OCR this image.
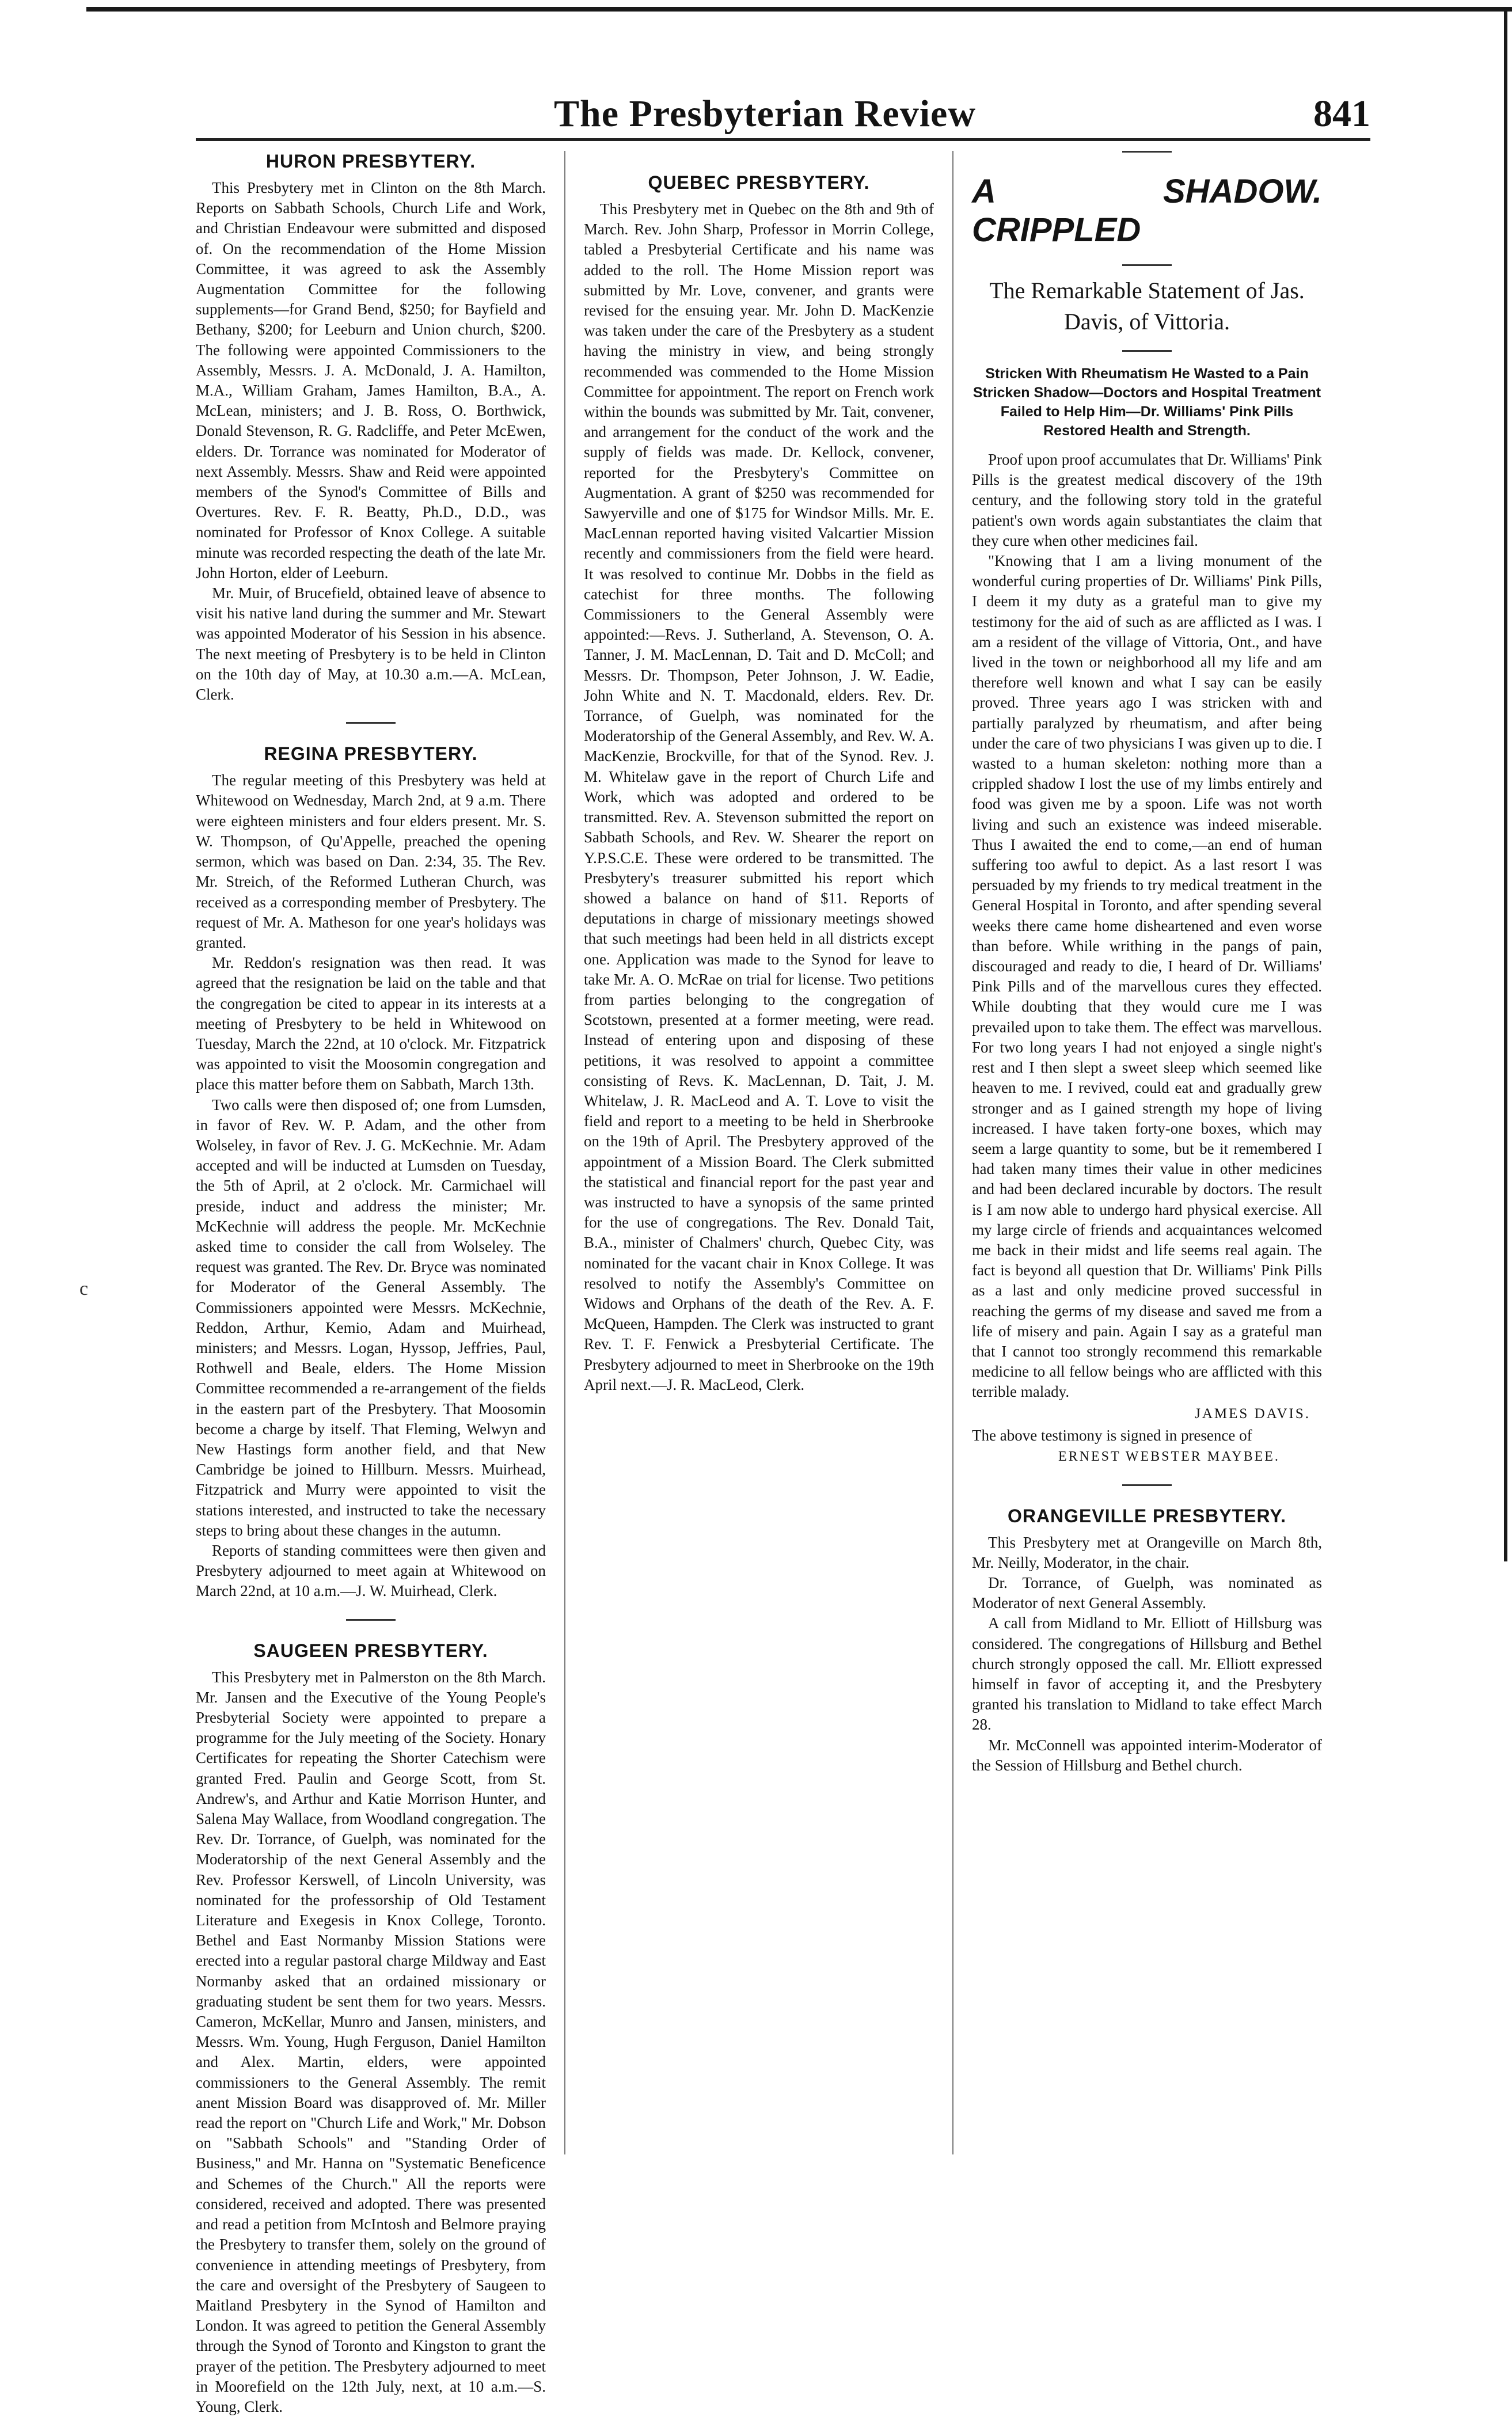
c
The Presbyterian Review	841
HURON PRESBYTERY.

This Presbytery met in Clinton on the 8th March. Reports on Sabbath Schools, Church Life and Work, and Christian Endeavour were submitted and disposed of. On the recommendation of the Home Mission Committee, it was agreed to ask the Assembly Augmentation Committee for the following supplements—for Grand Bend, $250; for Bayfield and Bethany, $200; for Leeburn and Union church, $200. The following were appointed Commissioners to the Assembly, Messrs. J. A. McDonald, J. A. Hamilton, M.A., William Graham, James Hamilton, B.A., A. McLean, ministers; and J. B. Ross, O. Borthwick, Donald Stevenson, R. G. Radcliffe, and Peter McEwen, elders. Dr. Torrance was nominated for Moderator of next Assembly. Messrs. Shaw and Reid were appointed members of the Synod's Committee of Bills and Overtures. Rev. F. R. Beatty, Ph.D., D.D., was nominated for Professor of Knox College. A suitable minute was recorded respecting the death of the late Mr. John Horton, elder of Leeburn.

Mr. Muir, of Brucefield, obtained leave of absence to visit his native land during the summer and Mr. Stewart was appointed Moderator of his Session in his absence. The next meeting of Presbytery is to be held in Clinton on the 10th day of May, at 10.30 a.m.—A. McLean, Clerk.

REGINA PRESBYTERY.

The regular meeting of this Presbytery was held at Whitewood on Wednesday, March 2nd, at 9 a.m. There were eighteen ministers and four elders present. Mr. S. W. Thompson, of Qu'Appelle, preached the opening sermon, which was based on Dan. 2:34, 35. The Rev. Mr. Streich, of the Reformed Lutheran Church, was received as a corresponding member of Presbytery. The request of Mr. A. Matheson for one year's holidays was granted.

Mr. Reddon's resignation was then read. It was agreed that the resignation be laid on the table and that the congregation be cited to appear in its interests at a meeting of Presbytery to be held in Whitewood on Tuesday, March the 22nd, at 10 o'clock. Mr. Fitzpatrick was appointed to visit the Moosomin congregation and place this matter before them on Sabbath, March 13th.

Two calls were then disposed of; one from Lumsden, in favor of Rev. W. P. Adam, and the other from Wolseley, in favor of Rev. J. G. McKechnie. Mr. Adam accepted and will be inducted at Lumsden on Tuesday, the 5th of April, at 2 o'clock. Mr. Carmichael will preside, induct and address the minister; Mr. McKechnie will address the people. Mr. McKechnie asked time to consider the call from Wolseley. The request was granted. The Rev. Dr. Bryce was nominated for Moderator of the General Assembly. The Commissioners appointed were Messrs. McKechnie, Reddon, Arthur, Kemio, Adam and Muirhead, ministers; and Messrs. Logan, Hyssop, Jeffries, Paul, Rothwell and Beale, elders. The Home Mission Committee recommended a re-arrangement of the fields in the eastern part of the Presbytery. That Moosomin become a charge by itself. That Fleming, Welwyn and New Hastings form another field, and that New Cambridge be joined to Hillburn. Messrs. Muirhead, Fitzpatrick and Murry were appointed to visit the stations interested, and instructed to take the necessary steps to bring about these changes in the autumn.

Reports of standing committees were then given and Presbytery adjourned to meet again at Whitewood on March 22nd, at 10 a.m.—J. W. Muirhead, Clerk.

SAUGEEN PRESBYTERY.

This Presbytery met in Palmerston on the 8th March. Mr. Jansen and the Executive of the Young People's Presbyterial Society were appointed to prepare a programme for the July meeting of the Society. Honary Certificates for repeating the Shorter Catechism were granted Fred. Paulin and George Scott, from St. Andrew's, and Arthur and Katie Morrison Hunter, and Salena May Wallace, from Woodland congregation. The Rev. Dr. Torrance, of Guelph, was nominated for the Moderatorship of the next General Assembly and the Rev. Professor Kerswell, of Lincoln University, was nominated for the professorship of Old Testament Literature and Exegesis in Knox College, Toronto. Bethel and East Normanby Mission Stations were erected into a regular pastoral charge Mildway and East Normanby asked that an ordained missionary or graduating student be sent them for two years. Messrs. Cameron, McKellar, Munro and Jansen, ministers, and Messrs. Wm. Young, Hugh Ferguson, Daniel Hamilton and Alex. Martin, elders, were appointed commissioners to the General Assembly. The remit anent Mission Board was disapproved of. Mr. Miller read the report on "Church Life and Work," Mr. Dobson on "Sabbath Schools" and "Standing Order of Business," and Mr. Hanna on "Systematic Beneficence and Schemes of the Church." All the reports were considered, received and adopted. There was presented and read a petition from McIntosh and Belmore praying the Presbytery to transfer them, solely on the ground of convenience in attending meetings of Presbytery, from the care and oversight of the Presbytery of Saugeen to Maitland Presbytery in the Synod of Hamilton and London. It was agreed to petition the General Assembly through the Synod of Toronto and Kingston to grant the prayer of the petition. The Presbytery adjourned to meet in Moorefield on the 12th July, next, at 10 a.m.—S. Young, Clerk.

QUEBEC PRESBYTERY.

This Presbytery met in Quebec on the 8th and 9th of March. Rev. John Sharp, Professor in Morrin College, tabled a Presbyterial Certificate and his name was added to the roll. The Home Mission report was submitted by Mr. Love, convener, and grants were revised for the ensuing year. Mr. John D. MacKenzie was taken under the care of the Presbytery as a student having the ministry in view, and being strongly recommended was commended to the Home Mission Committee for appointment. The report on French work within the bounds was submitted by Mr. Tait, convener, and arrangement for the conduct of the work and the supply of fields was made. Dr. Kellock, convener, reported for the Presbytery's Committee on Augmentation. A grant of $250 was recommended for Sawyerville and one of $175 for Windsor Mills. Mr. E. MacLennan reported having visited Valcartier Mission recently and commissioners from the field were heard. It was resolved to continue Mr. Dobbs in the field as catechist for three months. The following Commissioners to the General Assembly were appointed:—Revs. J. Sutherland, A. Stevenson, O. A. Tanner, J. M. MacLennan, D. Tait and D. McColl; and Messrs. Dr. Thompson, Peter Johnson, J. W. Eadie, John White and N. T. Macdonald, elders. Rev. Dr. Torrance, of Guelph, was nominated for the Moderatorship of the General Assembly, and Rev. W. A. MacKenzie, Brockville, for that of the Synod. Rev. J. M. Whitelaw gave in the report of Church Life and Work, which was adopted and ordered to be transmitted. Rev. A. Stevenson submitted the report on Sabbath Schools, and Rev. W. Shearer the report on Y.P.S.C.E. These were ordered to be transmitted. The Presbytery's treasurer submitted his report which showed a balance on hand of $11. Reports of deputations in charge of missionary meetings showed that such meetings had been held in all districts except one. Application was made to the Synod for leave to take Mr. A. O. McRae on trial for license. Two petitions from parties belonging to the congregation of Scotstown, presented at a former meeting, were read. Instead of entering upon and disposing of these petitions, it was resolved to appoint a committee consisting of Revs. K. MacLennan, D. Tait, J. M. Whitelaw, J. R. MacLeod and A. T. Love to visit the field and report to a meeting to be held in Sherbrooke on the 19th of April. The Presbytery approved of the appointment of a Mission Board. The Clerk submitted the statistical and financial report for the past year and was instructed to have a synopsis of the same printed for the use of congregations. The Rev. Donald Tait, B.A., minister of Chalmers' church, Quebec City, was nominated for the vacant chair in Knox College. It was resolved to notify the Assembly's Committee on Widows and Orphans of the death of the Rev. A. F. McQueen, Hampden. The Clerk was instructed to grant Rev. T. F. Fenwick a Presbyterial Certificate. The Presbytery adjourned to meet in Sherbrooke on the 19th April next.—J. R. MacLeod, Clerk.

A CRIPPLED
SHADOW.
The Remarkable Statement of Jas. Davis, of Vittoria.
Stricken With Rheumatism He Wasted to a Pain Stricken Shadow—Doctors and Hospital Treatment Failed to Help Him—Dr. Williams' Pink Pills Restored Health and Strength.

Proof upon proof accumulates that Dr. Williams' Pink Pills is the greatest medical discovery of the 19th century, and the following story told in the grateful patient's own words again substantiates the claim that they cure when other medicines fail.

"Knowing that I am a living monument of the wonderful curing properties of Dr. Williams' Pink Pills, I deem it my duty as a grateful man to give my testimony for the aid of such as are afflicted as I was. I am a resident of the village of Vittoria, Ont., and have lived in the town or neighborhood all my life and am therefore well known and what I say can be easily proved. Three years ago I was stricken with and partially paralyzed by rheumatism, and after being under the care of two physicians I was given up to die. I wasted to a human skeleton: nothing more than a crippled shadow I lost the use of my limbs entirely and food was given me by a spoon. Life was not worth living and such an existence was indeed miserable. Thus I awaited the end to come,—an end of human suffering too awful to depict. As a last resort I was persuaded by my friends to try medical treatment in the General Hospital in Toronto, and after spending several weeks there came home disheartened and even worse than before. While writhing in the pangs of pain, discouraged and ready to die, I heard of Dr. Williams' Pink Pills and of the marvellous cures they effected. While doubting that they would cure me I was prevailed upon to take them. The effect was marvellous. For two long years I had not enjoyed a single night's rest and I then slept a sweet sleep which seemed like heaven to me. I revived, could eat and gradually grew stronger and as I gained strength my hope of living increased. I have taken forty-one boxes, which may seem a large quantity to some, but be it remembered I had taken many times their value in other medicines and had been declared incurable by doctors. The result is I am now able to undergo hard physical exercise. All my large circle of friends and acquaintances welcomed me back in their midst and life seems real again. The fact is beyond all question that Dr. Williams' Pink Pills as a last and only medicine proved successful in reaching the germs of my disease and saved me from a life of misery and pain. Again I say as a grateful man that I cannot too strongly recommend this remarkable medicine to all fellow beings who are afflicted with this terrible malady.

JAMES DAVIS.

The above testimony is signed in presence of ERNEST WEBSTER MAYBEE.

ORANGEVILLE PRESBYTERY.

This Presbytery met at Orangeville on March 8th, Mr. Neilly, Moderator, in the chair.

Dr. Torrance, of Guelph, was nominated as Moderator of next General Assembly.

A call from Midland to Mr. Elliott of Hillsburg was considered. The congregations of Hillsburg and Bethel church strongly opposed the call. Mr. Elliott expressed himself in favor of accepting it, and the Presbytery granted his translation to Midland to take effect March 28.

Mr. McConnell was appointed interim-Moderator of the Session of Hillsburg and Bethel church.
